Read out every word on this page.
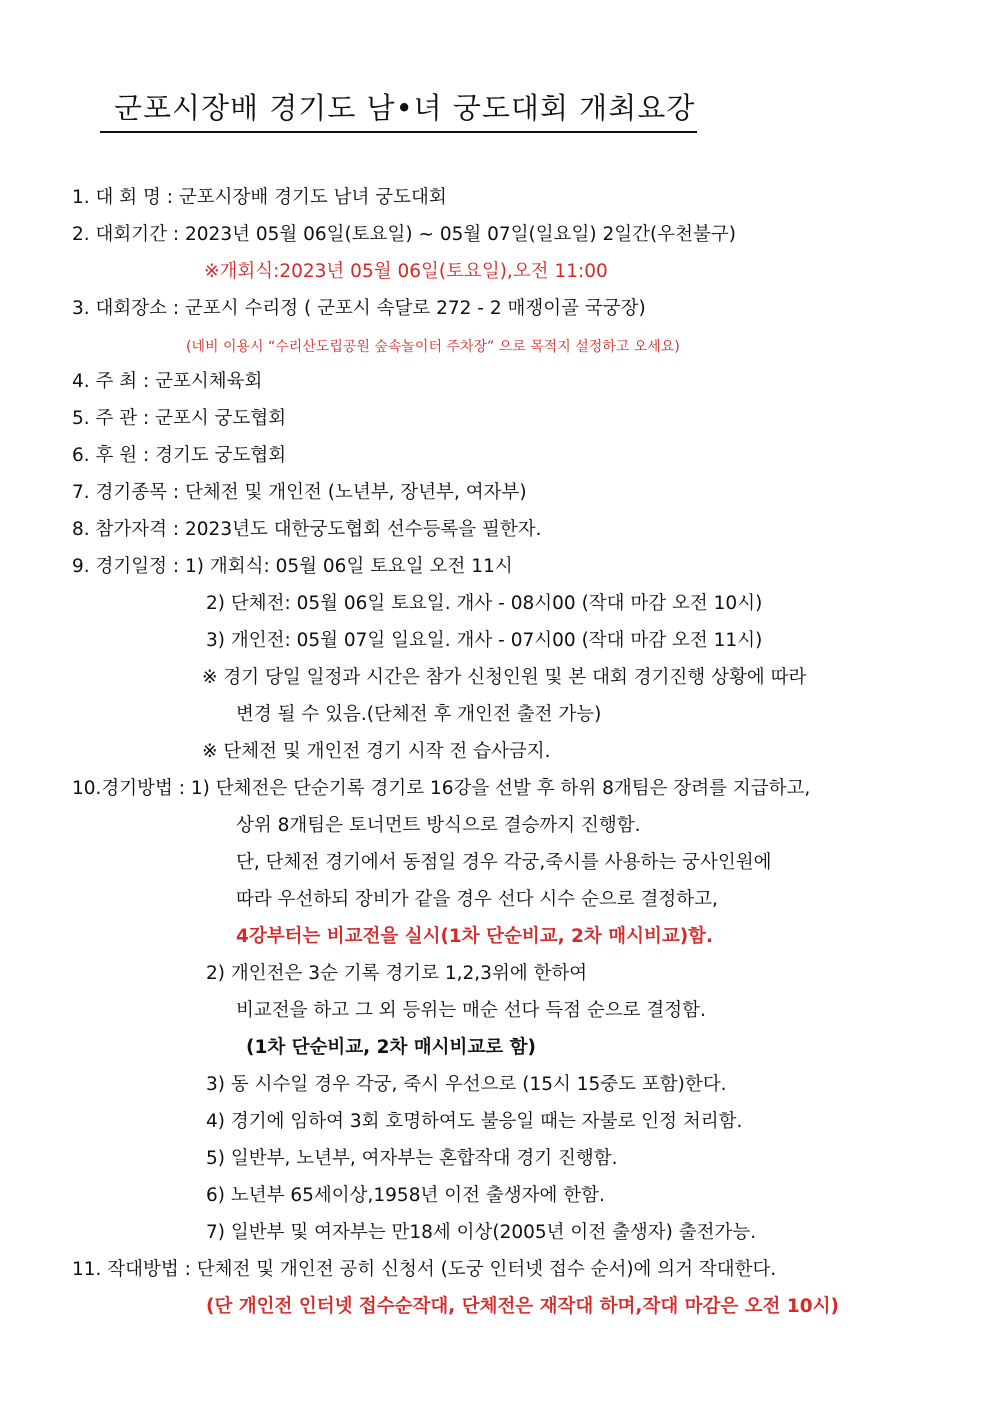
군포시장배 경기도 남•녀 궁도대회 개최요강
1. 대 회 명 : 군포시장배 경기도 남녀 궁도대회
2. 대회기간 : 2023년 05월 06일(토요일) ~ 05월 07일(일요일) 2일간(우천불구)
※개회식:2023년 05월 06일(토요일),오전 11:00
3. 대회장소 : 군포시 수리정 ( 군포시 속달로 272 - 2 매쟁이골 국궁장)
(네비 이용시 “수리산도립공원 숲속놀이터 주차장” 으로 목적지 설정하고 오세요)
4. 주 최 : 군포시체육회
5. 주 관 : 군포시 궁도협회
6. 후 원 : 경기도 궁도협회
7. 경기종목 : 단체전 및 개인전 (노년부, 장년부, 여자부)
8. 참가자격 : 2023년도 대한궁도협회 선수등록을 필한자.
9. 경기일정 : 1) 개회식: 05월 06일 토요일 오전 11시
2) 단체전: 05월 06일 토요일. 개사 - 08시00 (작대 마감 오전 10시)
3) 개인전: 05월 07일 일요일. 개사 - 07시00 (작대 마감 오전 11시)
※ 경기 당일 일정과 시간은 참가 신청인원 및 본 대회 경기진행 상황에 따라
변경 될 수 있음.(단체전 후 개인전 출전 가능)
※ 단체전 및 개인전 경기 시작 전 습사금지.
10.경기방법 : 1) 단체전은 단순기록 경기로 16강을 선발 후 하위 8개팀은 장려를 지급하고,
상위 8개팀은 토너먼트 방식으로 결승까지 진행함.
단, 단체전 경기에서 동점일 경우 각궁,죽시를 사용하는 궁사인원에
따라 우선하되 장비가 같을 경우 선다 시수 순으로 결정하고,
4강부터는 비교전을 실시(1차 단순비교, 2차 매시비교)함.
2) 개인전은 3순 기록 경기로 1,2,3위에 한하여
비교전을 하고 그 외 등위는 매순 선다 득점 순으로 결정함.
(1차 단순비교, 2차 매시비교로 함)
3) 동 시수일 경우 각궁, 죽시 우선으로 (15시 15중도 포함)한다.
4) 경기에 임하여 3회 호명하여도 불응일 때는 자불로 인정 처리함.
5) 일반부, 노년부, 여자부는 혼합작대 경기 진행함.
6) 노년부 65세이상,1958년 이전 출생자에 한함.
7) 일반부 및 여자부는 만18세 이상(2005년 이전 출생자) 출전가능.
11. 작대방법 : 단체전 및 개인전 공히 신청서 (도궁 인터넷 접수 순서)에 의거 작대한다.
(단 개인전 인터넷 접수순작대, 단체전은 재작대 하며,작대 마감은 오전 10시)
